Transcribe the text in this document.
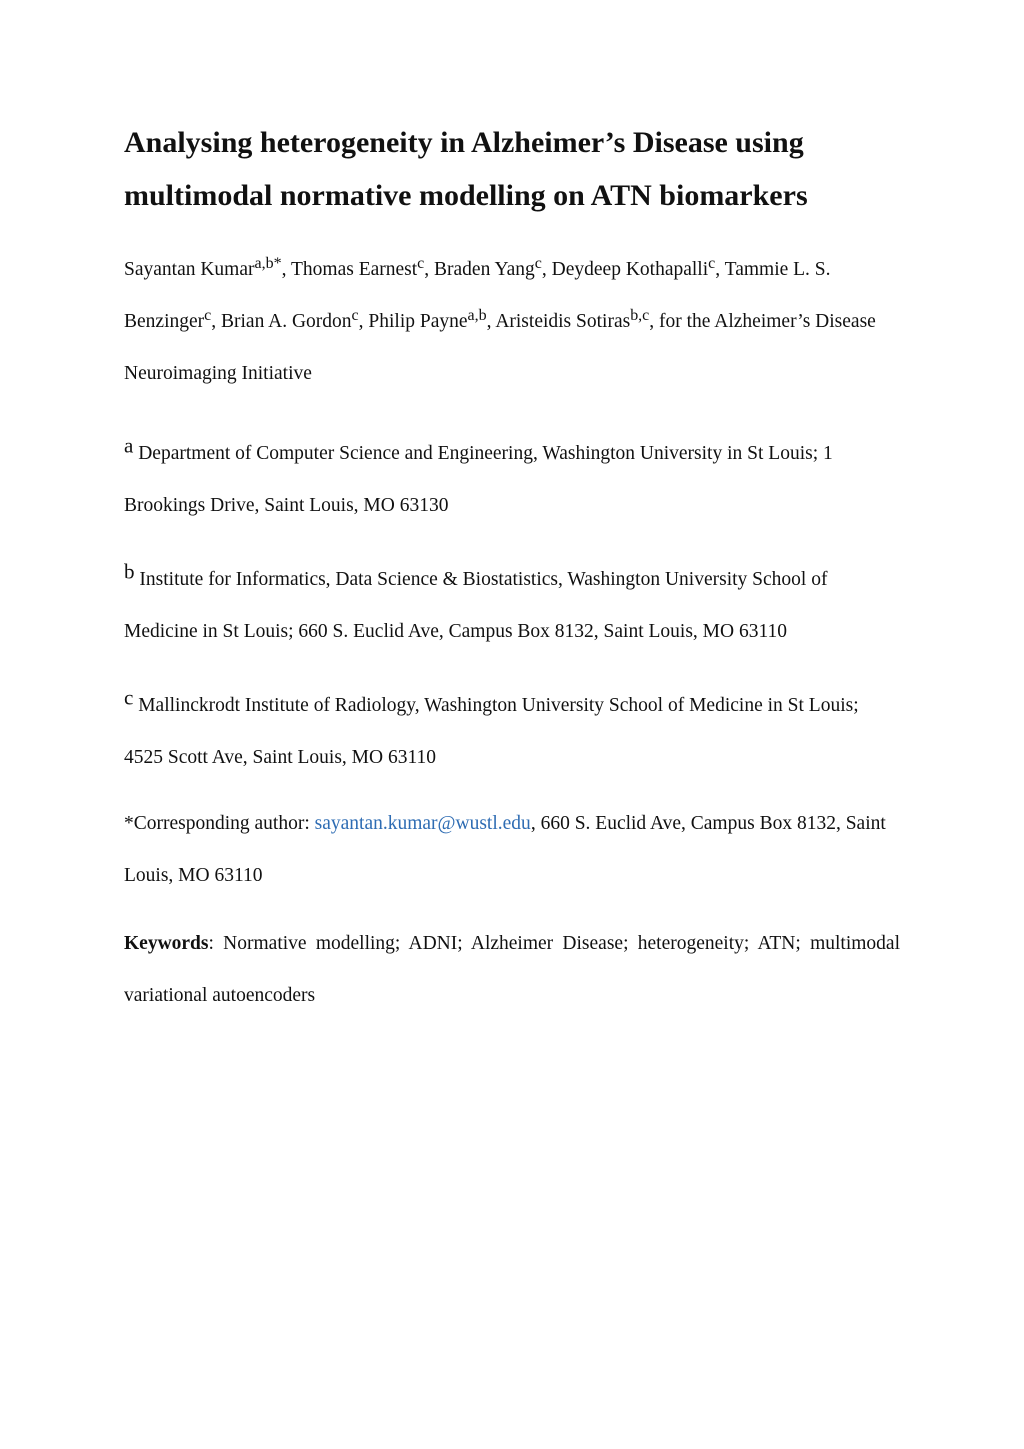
Analysing heterogeneity in Alzheimer’s Disease using
multimodal normative modelling on ATN biomarkers

Sayantan Kumar$^{a,b*}$, Thomas Earnest$^c$, Braden Yang$^c$, Deydeep Kothapalli$^c$, Tammie L. S. Benzinger$^c$, Brian A. Gordon$^c$, Philip Payne$^{a,b}$, Aristeidis Sotiras$^{b,c}$, for the Alzheimer’s Disease Neuroimaging Initiative

a Department of Computer Science and Engineering, Washington University in St Louis; 1 Brookings Drive, Saint Louis, MO 63130

b Institute for Informatics, Data Science & Biostatistics, Washington University School of Medicine in St Louis; 660 S. Euclid Ave, Campus Box 8132, Saint Louis, MO 63110

c Mallinckrodt Institute of Radiology, Washington University School of Medicine in St Louis; 4525 Scott Ave, Saint Louis, MO 63110

*Corresponding author: sayantan.kumar@wustl.edu, 660 S. Euclid Ave, Campus Box 8132, Saint Louis, MO 63110

Keywords: Normative modelling; ADNI; Alzheimer Disease; heterogeneity; ATN; multimodal variational autoencoders
